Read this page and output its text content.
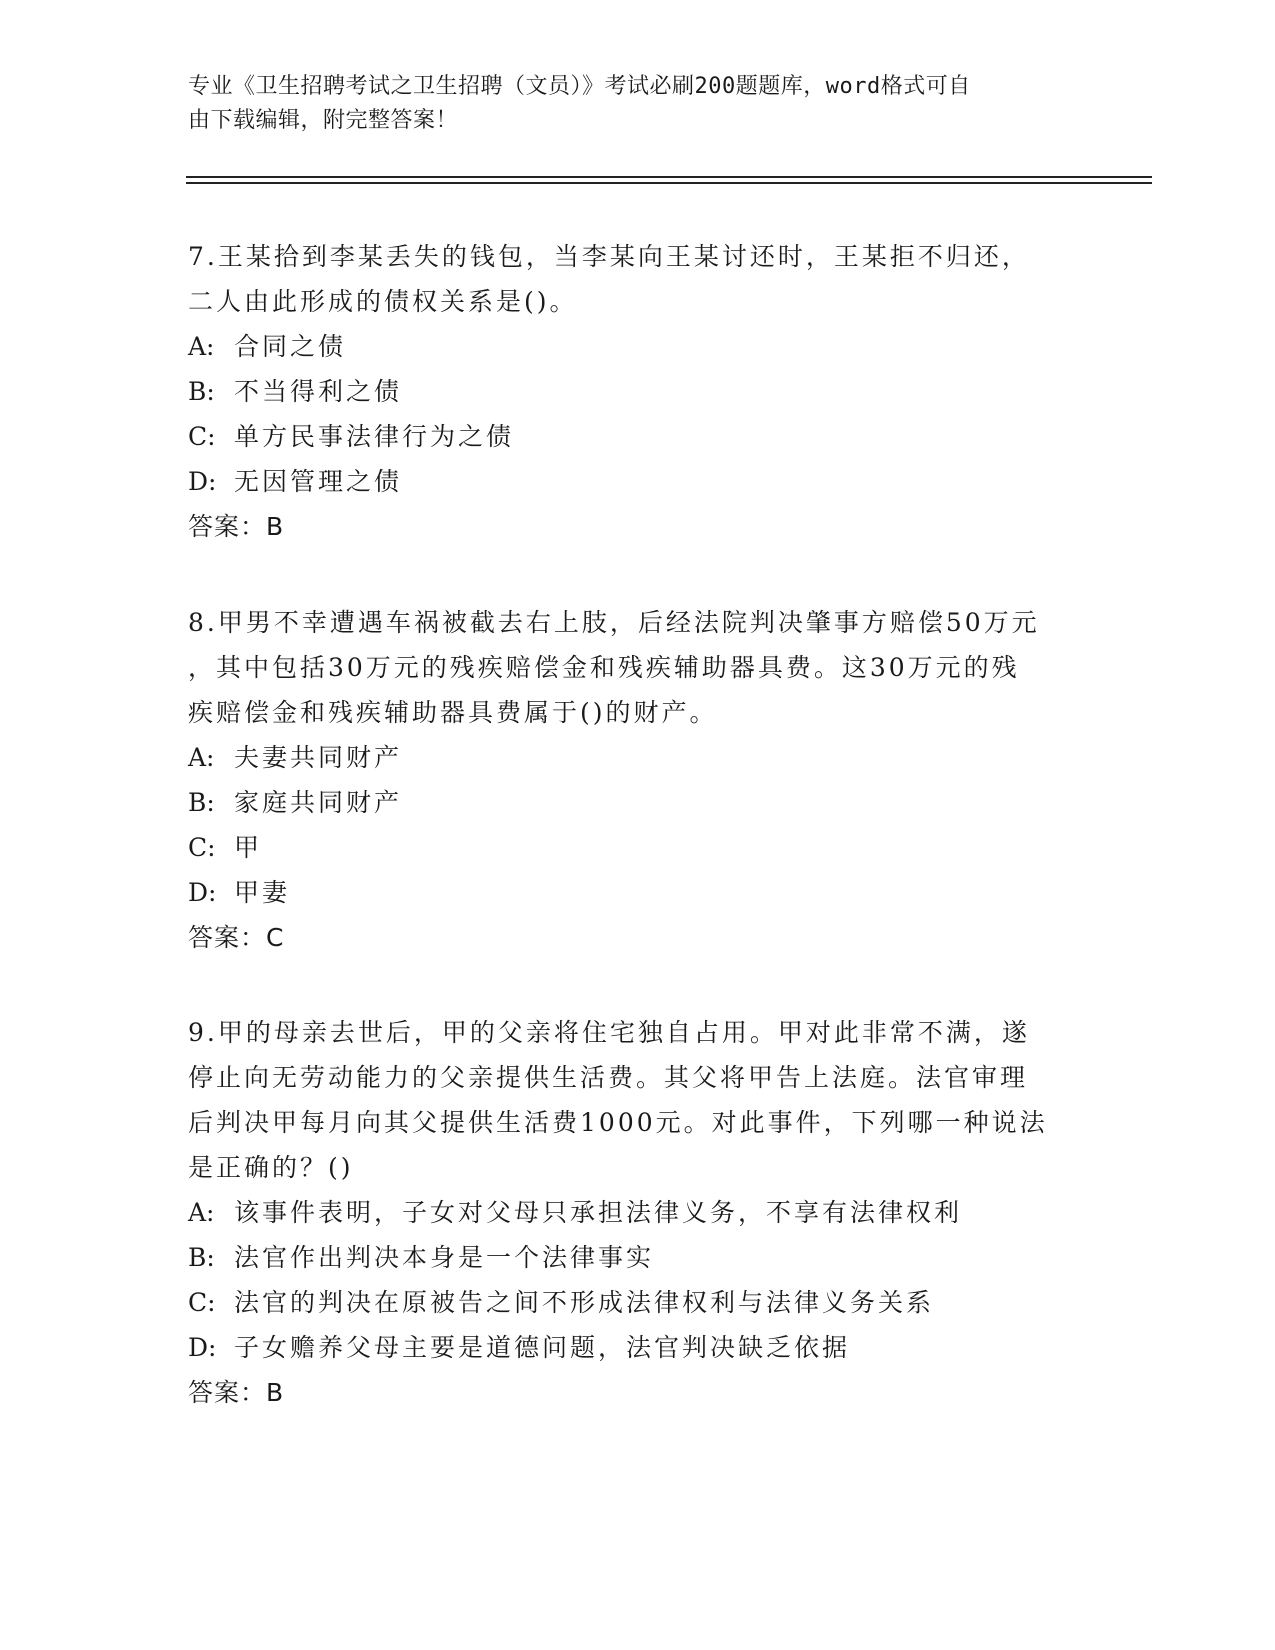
专业《卫生招聘考试之卫生招聘（文员）》考试必刷200题题库，word格式可自
由下载编辑，附完整答案！
7.王某拾到李某丢失的钱包，当李某向王某讨还时，王某拒不归还，
二人由此形成的债权关系是()。
A: 合同之债
B: 不当得利之债
C: 单方民事法律行为之债
D: 无因管理之债
答案：B
8.甲男不幸遭遇车祸被截去右上肢，后经法院判决肇事方赔偿50万元
，其中包括30万元的残疾赔偿金和残疾辅助器具费。这30万元的残
疾赔偿金和残疾辅助器具费属于()的财产。
A: 夫妻共同财产
B: 家庭共同财产
C: 甲
D: 甲妻
答案：C
9.甲的母亲去世后，甲的父亲将住宅独自占用。甲对此非常不满，遂
停止向无劳动能力的父亲提供生活费。其父将甲告上法庭。法官审理
后判决甲每月向其父提供生活费1000元。对此事件，下列哪一种说法
是正确的？()
A: 该事件表明，子女对父母只承担法律义务，不享有法律权利
B: 法官作出判决本身是一个法律事实
C: 法官的判决在原被告之间不形成法律权利与法律义务关系
D: 子女赡养父母主要是道德问题，法官判决缺乏依据
答案：B
